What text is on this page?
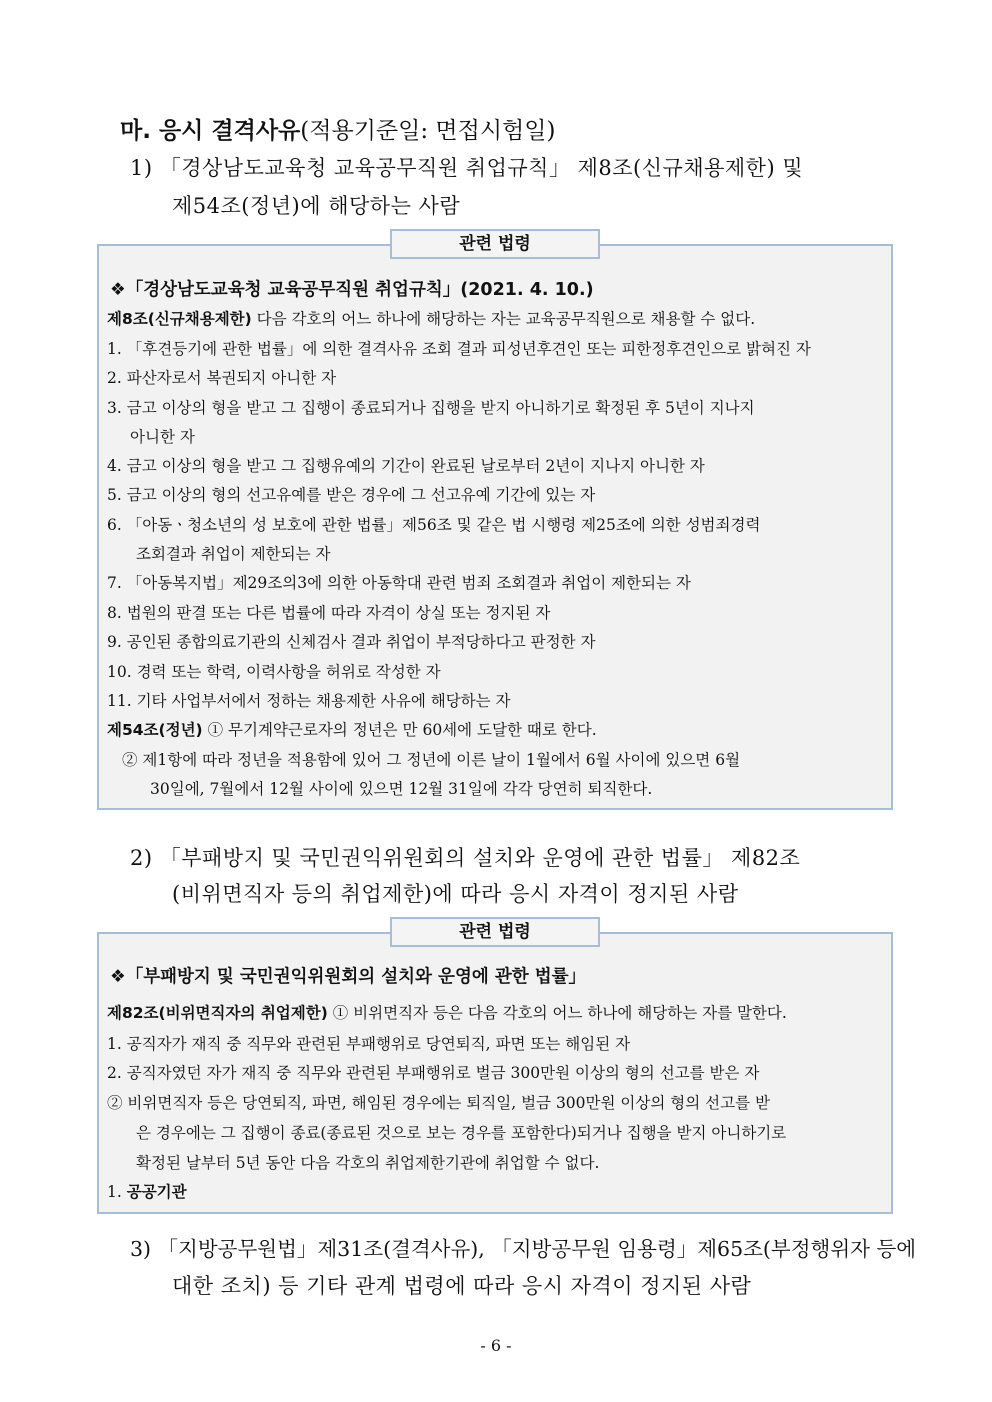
마. 응시 결격사유(적용기준일: 면접시험일)
1) 「경상남도교육청 교육공무직원 취업규칙」 제8조(신규채용제한) 및
제54조(정년)에 해당하는 사람
관련 법령
❖「경상남도교육청 교육공무직원 취업규칙」(2021. 4. 10.)
제8조(신규채용제한) 다음 각호의 어느 하나에 해당하는 자는 교육공무직원으로 채용할 수 없다.
1. 「후견등기에 관한 법률」에 의한 결격사유 조회 결과 피성년후견인 또는 피한정후견인으로 밝혀진 자
2. 파산자로서 복권되지 아니한 자
3. 금고 이상의 형을 받고 그 집행이 종료되거나 집행을 받지 아니하기로 확정된 후 5년이 지나지
아니한 자
4. 금고 이상의 형을 받고 그 집행유예의 기간이 완료된 날로부터 2년이 지나지 아니한 자
5. 금고 이상의 형의 선고유예를 받은 경우에 그 선고유예 기간에 있는 자
6. 「아동ㆍ청소년의 성 보호에 관한 법률」제56조 및 같은 법 시행령 제25조에 의한 성범죄경력
조회결과 취업이 제한되는 자
7. 「아동복지법」제29조의3에 의한 아동학대 관련 범죄 조회결과 취업이 제한되는 자
8. 법원의 판결 또는 다른 법률에 따라 자격이 상실 또는 정지된 자
9. 공인된 종합의료기관의 신체검사 결과 취업이 부적당하다고 판정한 자
10. 경력 또는 학력, 이력사항을 허위로 작성한 자
11. 기타 사업부서에서 정하는 채용제한 사유에 해당하는 자
제54조(정년) ① 무기계약근로자의 정년은 만 60세에 도달한 때로 한다.
② 제1항에 따라 정년을 적용함에 있어 그 정년에 이른 날이 1월에서 6월 사이에 있으면 6월
30일에, 7월에서 12월 사이에 있으면 12월 31일에 각각 당연히 퇴직한다.
2) 「부패방지 및 국민권익위원회의 설치와 운영에 관한 법률」 제82조
(비위면직자 등의 취업제한)에 따라 응시 자격이 정지된 사람
관련 법령
❖「부패방지 및 국민권익위원회의 설치와 운영에 관한 법률」
제82조(비위면직자의 취업제한) ① 비위면직자 등은 다음 각호의 어느 하나에 해당하는 자를 말한다.
1. 공직자가 재직 중 직무와 관련된 부패행위로 당연퇴직, 파면 또는 해임된 자
2. 공직자였던 자가 재직 중 직무와 관련된 부패행위로 벌금 300만원 이상의 형의 선고를 받은 자
② 비위면직자 등은 당연퇴직, 파면, 해임된 경우에는 퇴직일, 벌금 300만원 이상의 형의 선고를 받
은 경우에는 그 집행이 종료(종료된 것으로 보는 경우를 포함한다)되거나 집행을 받지 아니하기로
확정된 날부터 5년 동안 다음 각호의 취업제한기관에 취업할 수 없다.
1. 공공기관
3) 「지방공무원법」제31조(결격사유), 「지방공무원 임용령」제65조(부정행위자 등에
대한 조치) 등 기타 관계 법령에 따라 응시 자격이 정지된 사람
- 6 -
